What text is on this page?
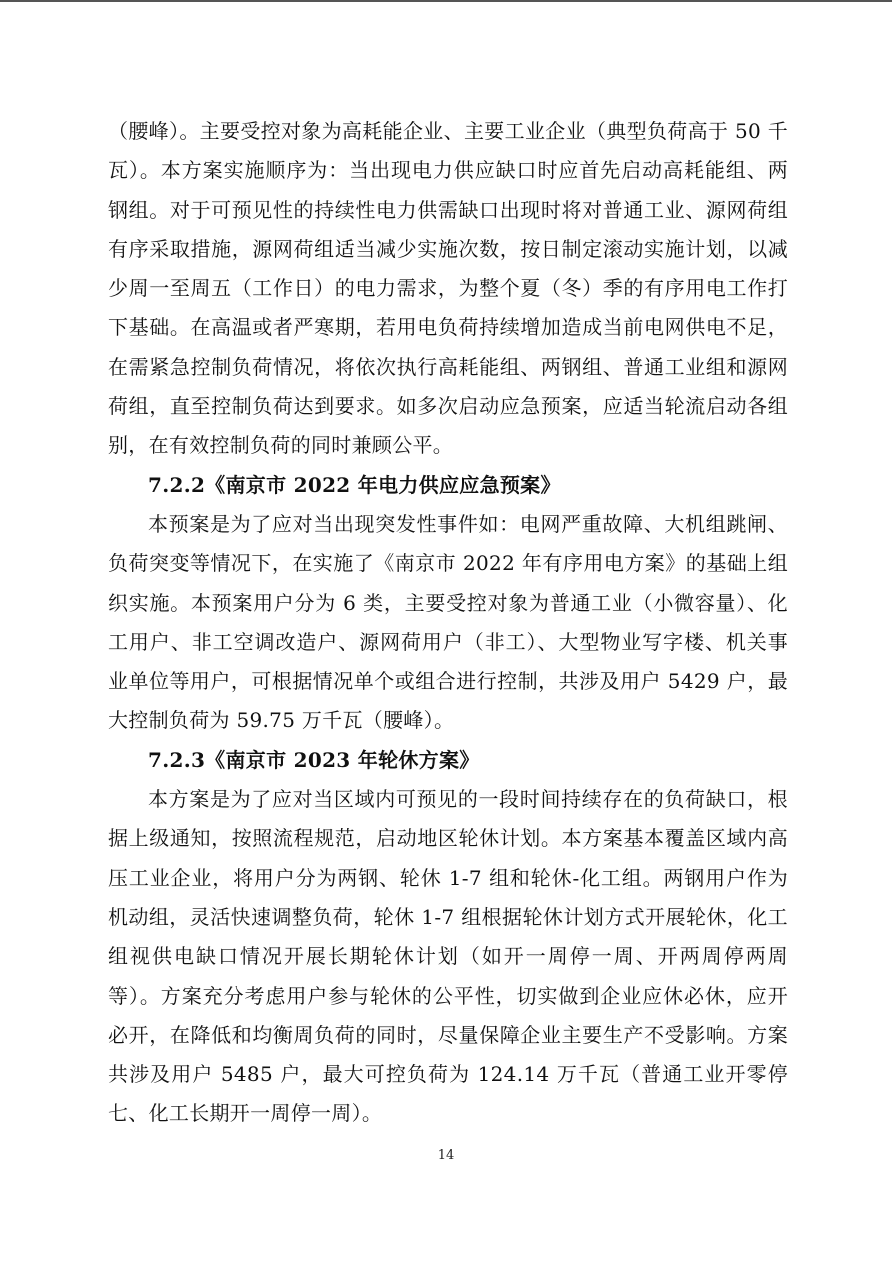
（腰峰）。主要受控对象为高耗能企业、主要工业企业（典型负荷高于 50 千瓦）。本方案实施顺序为：当出现电力供应缺口时应首先启动高耗能组、两钢组。对于可预见性的持续性电力供需缺口出现时将对普通工业、源网荷组有序采取措施，源网荷组适当减少实施次数，按日制定滚动实施计划，以减少周一至周五（工作日）的电力需求，为整个夏（冬）季的有序用电工作打下基础。在高温或者严寒期，若用电负荷持续增加造成当前电网供电不足，在需紧急控制负荷情况，将依次执行高耗能组、两钢组、普通工业组和源网荷组，直至控制负荷达到要求。如多次启动应急预案，应适当轮流启动各组别，在有效控制负荷的同时兼顾公平。

7.2.2《南京市 2022 年电力供应应急预案》

本预案是为了应对当出现突发性事件如：电网严重故障、大机组跳闸、负荷突变等情况下，在实施了《南京市 2022 年有序用电方案》的基础上组织实施。本预案用户分为 6 类，主要受控对象为普通工业（小微容量）、化工用户、非工空调改造户、源网荷用户（非工）、大型物业写字楼、机关事业单位等用户，可根据情况单个或组合进行控制，共涉及用户 5429 户，最大控制负荷为 59.75 万千瓦（腰峰）。

7.2.3《南京市 2023 年轮休方案》

本方案是为了应对当区域内可预见的一段时间持续存在的负荷缺口，根据上级通知，按照流程规范，启动地区轮休计划。本方案基本覆盖区域内高压工业企业，将用户分为两钢、轮休 1-7 组和轮休-化工组。两钢用户作为机动组，灵活快速调整负荷，轮休 1-7 组根据轮休计划方式开展轮休，化工组视供电缺口情况开展长期轮休计划（如开一周停一周、开两周停两周等）。方案充分考虑用户参与轮休的公平性，切实做到企业应休必休，应开必开，在降低和均衡周负荷的同时，尽量保障企业主要生产不受影响。方案共涉及用户 5485 户，最大可控负荷为 124.14 万千瓦（普通工业开零停七、化工长期开一周停一周）。

14
